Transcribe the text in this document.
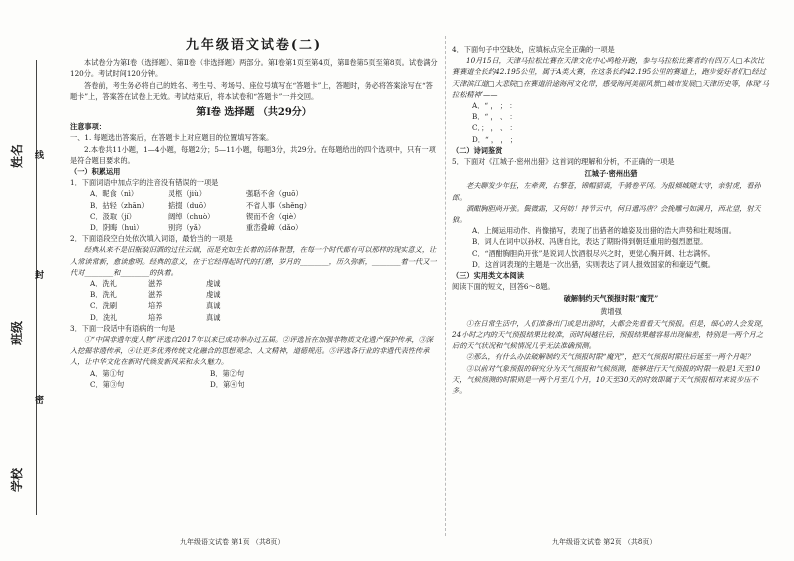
姓名
班级
学校
线
封
密
九年级语文试卷(二)

本试卷分为第Ⅰ卷（选择题）、第Ⅱ卷（非选择题）两部分。第Ⅰ卷第1页至第4页，第Ⅱ卷第5页至第8页。试卷满分120分。考试时间120分钟。

答卷前，考生务必将自己的姓名、考生号、考场号、座位号填写在“答题卡”上，答题时，务必将答案涂写在“答题卡”上，答案答在试卷上无效。考试结束后，将本试卷和“答题卡”一并交回。

第Ⅰ卷 选择题 （共29分）

注意事项：

一、1. 每题选出答案后，在答题卡上对应题目的位置填写答案。

2.本卷共11小题，1—4小题，每题2分；5—11小题，每题3分，共29分。在每题给出的四个选项中，只有一项是符合题目要求的。

（一）积累运用

1．下面词语中加点字的注音没有错误的一项是

A．昵食（nì）	灵柩（jiù）	强聒不舍（guō）
B．拈轻（zhān）	掂掇（duō）	不省人事（shěng）
C．汲取（jí）	阔绰（chuò）	锲而不舍（qiè）
D．阴晦（huì）	别窍（yǎ）	重峦叠嶂（dǎo）

2．下面语段空白处依次填入词语，最恰当的一项是

经典从来不是旧瓶装旧酒的过往云烟，而是充如生长着的活体智慧，在每一个时代都有可以那样的现实意义，让人常读常新，愈读愈明。经典的意义，在于它经得起时代的打磨，岁月的________，历久弥新，________着一代又一代对________和________的执着。

A．洗礼	滋养	虔诚
B．洗礼	滋养	虔诚
C．洗刷	培养	真诚
D．洗礼	培养	真诚

3．下面一段话中有语病的一句是

①“中国非遗年度人物”评选自2017年以来已成功举办过五届。②评选旨在加强非物质文化遗产保护传承，③深入挖掘非遗传承，④让更多优秀传统文化融合的思想观念、人文精神，道德规范。⑤评选各行业的非遗代表性传承人，让中华文化在新时代焕发新风采和永久魅力。

A．第①句	B．第②句
C．第③句	D．第④句
九年级语文试卷 第1页 （共8页）

4．下面句子中空缺处，应填标点完全正确的一项是

10月15日，天津马拉松比赛在天津文化中心鸣枪开跑，参与马拉松比赛者约有四万人□本次比赛赛道全长约42.195公里，属于A类大赛，在这条长约42.195公里的赛道上，跑步爱好者们□经过天津滨江道□大悲院□在赛道沿途海河文化带，感受海河美丽风景□城市发展□天津历史等，体现‘马拉松精神’——

A．“ ， ； ：
B．“ ， 、 ：
C．； ， 、 ：
D．“ ， ， ；

（二）诗词鉴赏

5．下面对《江城子·密州出猎》这首词的理解和分析，不正确的一项是

江城子·密州出猎

老夫聊发少年狂，左牵黄，右擎苍，锦帽貂裘，千骑卷平冈。为报倾城随太守，亲射虎，看孙郎。

酒酣胸胆尚开张。鬓微霜，又何妨！持节云中，何日遣冯唐？会挽雕弓如满月，西北望，射天狼。

A．上阕运用动作、肖像描写，表现了出猎者的雄姿及出猎的浩大声势和壮观场面。
B．词人在词中以孙权、冯唐自比，表达了期盼得到朝廷重用的强烈愿望。
C．“酒酣胸胆尚开张”是说词人饮酒很尽兴之时，更觉心胸开阔、壮志满怀。
D．这首词表现的主题是一次出猎，实则表达了词人报效国家的和豪迈气概。

（三）实用类文本阅读

阅读下面的短文，回答6～8题。

破解制约天气预报时限“魔咒”
黄增强

①在日常生活中，人们准备出门或是出游时，大都会先看看天气预报。但是，细心的人会发现，24小时之内的天气预报结果比较准，而时间越往后，预报结果越容易出现偏差，特别是一两个月之后的天气状况和气候情况几乎无法准确预测。

②那么，有什么办法破解制约天气预报时限“魔咒”，把天气预报时限往后延至一两个月呢？

③以前对气象预报的研究分为天气预报和气候预测，能够进行天气预报的时限一般是1天至10天，气候预测的时限则是一两个月至几个月，10天至30天的时效即属于天气预报相对来说步压不多。

九年级语文试卷 第2页 （共8页）
